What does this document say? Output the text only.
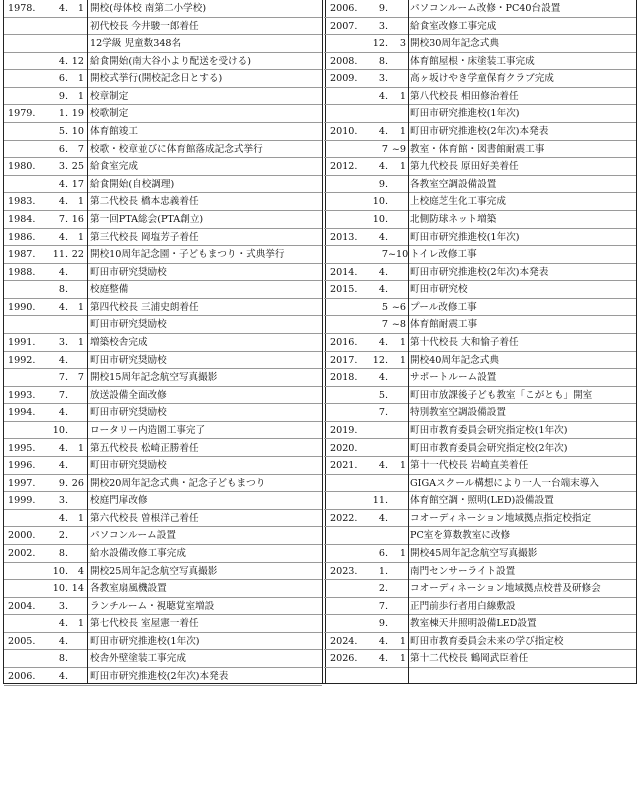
1978.	4.	1 開校(母体校 南第二小学校)
初代校長 今井駿一郎着任
12学級 児童数348名
4. 12 給食開始(南大谷小より配送を受ける)
6.	1 開校式挙行(開校記念日とする)
9.	1 校章制定
1979.	1. 19 校歌制定
5. 10 体育館竣工
6.	7 校歌・校章並びに体育館落成記念式挙行
1980.	3. 25 給食室完成
4. 17 給食開始(自校調理)
1983.	4.	1 第二代校長 橋本忠義着任
1984.	7. 16 第一回PTA総会(PTA創立)
1986.	4.	1 第三代校長 岡塩芳子着任
1987.	11. 22 開校10周年記念園・子どもまつり・式典挙行
1988.	4. 町田市研究奨励校
8. 校庭整備
1990.	4.	1 第四代校長 三浦史朗着任
町田市研究奨励校
1991.	3.	1 増築校舎完成
1992.	4. 町田市研究奨励校
7.	7 開校15周年記念航空写真撮影
1993.	7. 放送設備全面改修
1994.	4. 町田市研究奨励校
10. ロータリー内造園工事完了
1995.	4.	1 第五代校長 松崎正勝着任
1996.	4. 町田市研究奨励校
1997.	9. 26 開校20周年記念式典・記念子どもまつり
1999.	3. 校庭門扉改修
4.	1 第六代校長 曽根洋己着任
2000.	2. パソコンルーム設置
2002.	8. 給水設備改修工事完成
10.	4 開校25周年記念航空写真撮影
10. 14 各教室扇風機設置
2004.	3. ランチルーム・視聴覚室増設
4.	1 第七代校長 室屋憲一着任
2005.	4. 町田市研究推進校(1年次)
8. 校舎外壁塗装工事完成
2006.	4. 町田市研究推進校(2年次)本発表
2006.	9. パソコンルーム改修・PC40台設置
2007.	3. 給食室改修工事完成
12.	3 開校30周年記念式典
2008.	8. 体育館屋根・床塗装工事完成
2009.	3. 高ヶ坂けやき学童保育クラブ完成
4.	1 第八代校長 相田修治着任
町田市研究推進校(1年次)
2010.	4.	1 町田市研究推進校(2年次)本発表
7 ~9 教室・体育館・図書館耐震工事
2012.	4.	1 第九代校長 原田好美着任
9. 各教室空調設備設置
10. 上校庭芝生化工事完成
10. 北側防球ネット増築
2013.	4. 町田市研究推進校(1年次)
7 ~10 トイレ改修工事
2014.	4. 町田市研究推進校(2年次)本発表
2015.	4. 町田市研究校
5 ~6 プール改修工事
7 ~8 体育館耐震工事
2016.	4.	1 第十代校長 大和愉子着任
2017.	12.	1 開校40周年記念式典
2018.	4. サポートルーム設置
5. 町田市放課後子ども教室「こがとも」開室
7. 特別教室空調設備設置
2019.	町田市教育委員会研究指定校(1年次)
2020.	町田市教育委員会研究指定校(2年次)
2021.	4.	1 第十一代校長 岩崎直美着任
GIGAスクール構想により一人一台端末導入
11. 体育館空調・照明(LED)設備設置
2022.	4. コオーディネーション地域拠点指定校指定
PC室を算数教室に改修
6.	1 開校45周年記念航空写真撮影
2023.	1. 南門センサーライト設置
2. コオーディネーション地域拠点校普及研修会
7. 正門前歩行者用白線敷設
9. 教室棟天井照明設備LED設置
2024.	4.	1 町田市教育委員会未来の学び指定校
2026.	4.	1 第十二代校長 鶴岡武臣着任
